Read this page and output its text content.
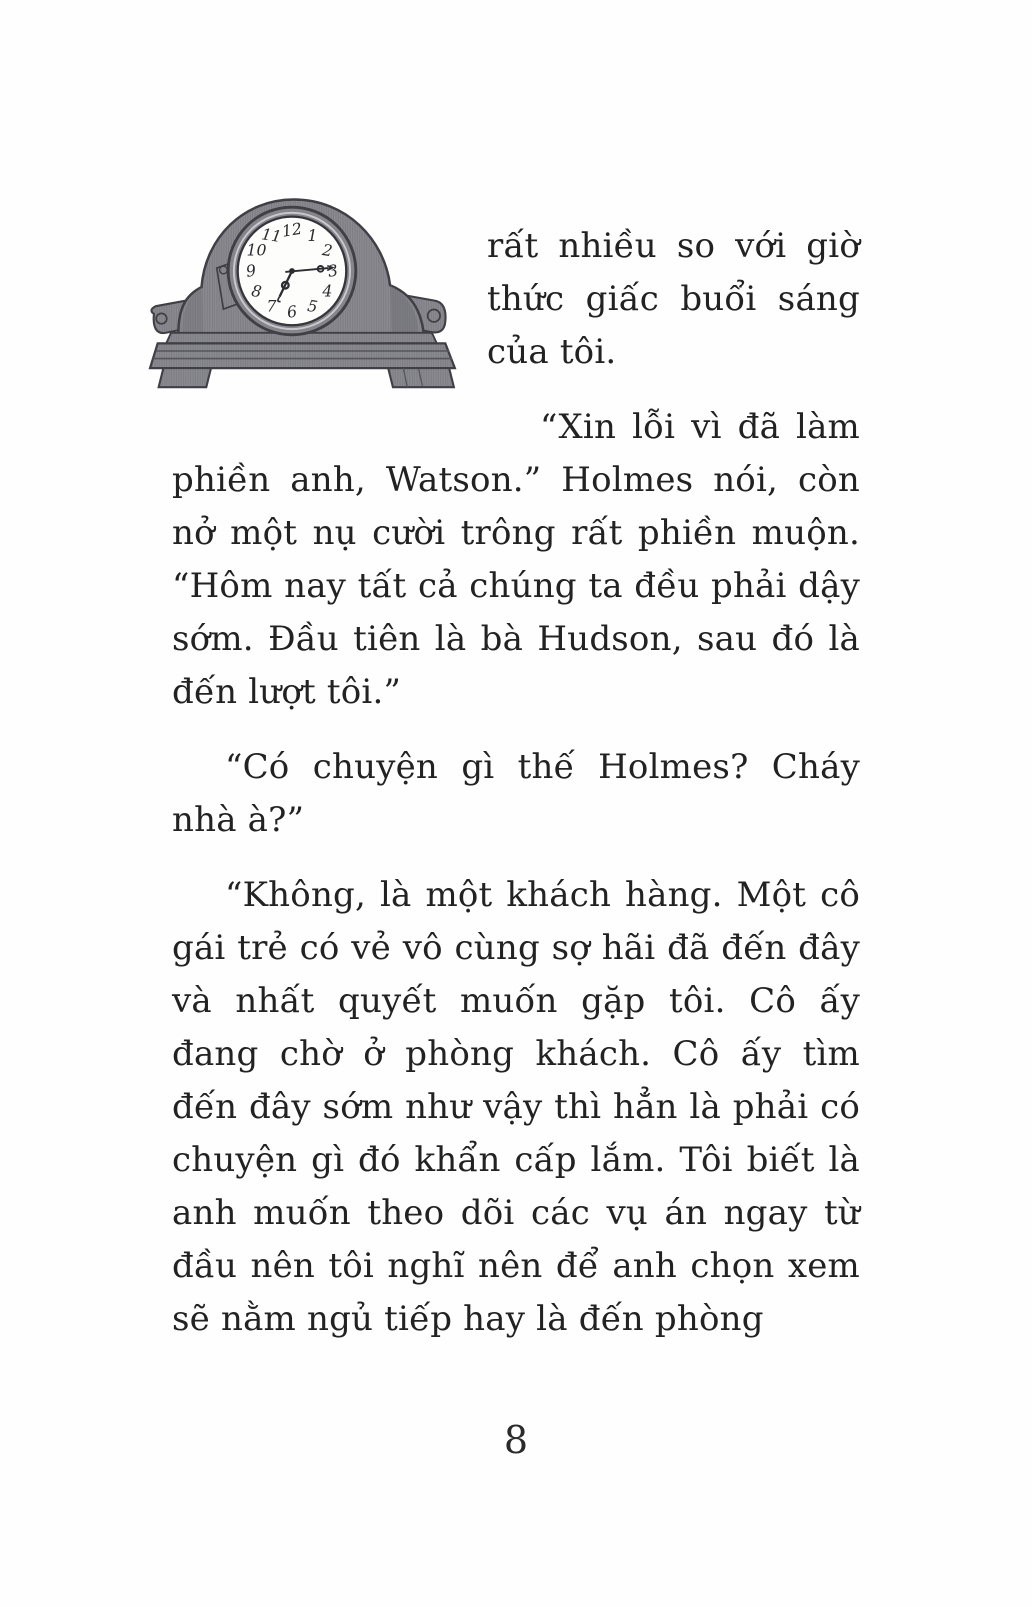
12 1
2
3
4
5
6
7
8
9
10
11	rất nhiều so với giờ thức giấc buổi sáng của tôi.

“Xin lỗi vì đã làm phiền anh, Watson.” Holmes nói, còn nở một nụ cười trông rất phiền muộn. “Hôm nay tất cả chúng ta đều phải dậy sớm. Đầu tiên là bà Hudson, sau đó là đến lượt tôi.”

“Có chuyện gì thế Holmes? Cháy nhà à?”

“Không, là một khách hàng. Một cô gái trẻ có vẻ vô cùng sợ hãi đã đến đây và nhất quyết muốn gặp tôi. Cô ấy đang chờ ở phòng khách. Cô ấy tìm đến đây sớm như vậy thì hẳn là phải có chuyện gì đó khẩn cấp lắm. Tôi biết là anh muốn theo dõi các vụ án ngay từ đầu nên tôi nghĩ nên để anh chọn xem sẽ nằm ngủ tiếp hay là đến phòng

8
